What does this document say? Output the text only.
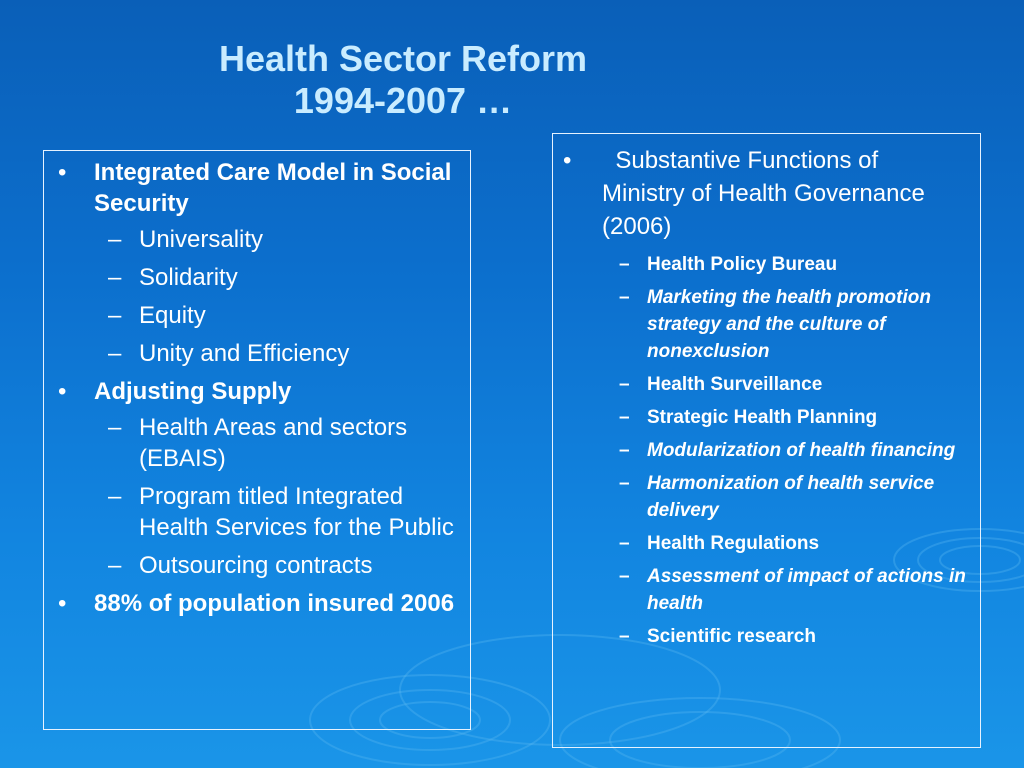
Health Sector Reform
1994-2007 …
• Integrated Care Model in Social Security
– Universality
– Solidarity
– Equity
– Unity and Efficiency
• Adjusting Supply
– Health Areas and sectors (EBAIS)
– Program titled Integrated Health Services for the Public
– Outsourcing contracts
• 88% of population insured 2006
• Substantive Functions of Ministry of Health Governance (2006)
– Health Policy Bureau
– Marketing the health promotion strategy and the culture of nonexclusion
– Health Surveillance
– Strategic Health Planning
– Modularization of health financing
– Harmonization of health service delivery
– Health Regulations
– Assessment of impact of actions in health
– Scientific research
